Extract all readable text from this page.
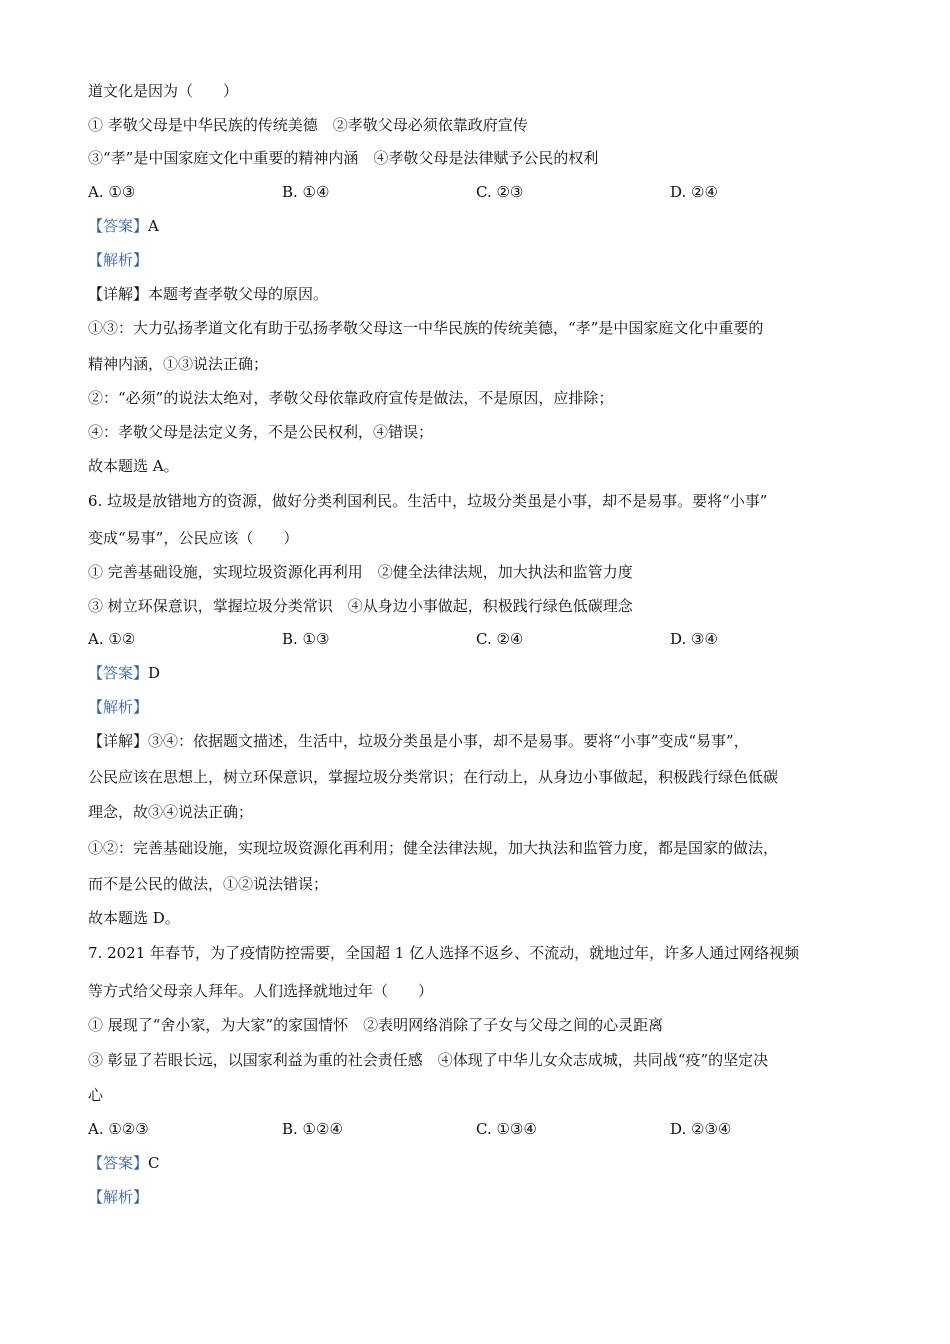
道文化是因为（　　）
① 孝敬父母是中华民族的传统美德　②孝敬父母必须依靠政府宣传
③“孝”是中国家庭文化中重要的精神内涵　④孝敬父母是法律赋予公民的权利
A. ①③	B. ①④	C. ②③	D. ②④
【答案】A
【解析】
【详解】本题考查孝敬父母的原因。
①③：大力弘扬孝道文化有助于弘扬孝敬父母这一中华民族的传统美德，“孝”是中国家庭文化中重要的
精神内涵，①③说法正确；
②：“必须”的说法太绝对，孝敬父母依靠政府宣传是做法，不是原因，应排除；
④：孝敬父母是法定义务，不是公民权利，④错误；
故本题选 A。
6. 垃圾是放错地方的资源，做好分类利国利民。生活中，垃圾分类虽是小事，却不是易事。要将“小事”
变成“易事”，公民应该（　　）
① 完善基础设施，实现垃圾资源化再利用　②健全法律法规，加大执法和监管力度
③ 树立环保意识，掌握垃圾分类常识　④从身边小事做起，积极践行绿色低碳理念
A. ①②	B. ①③	C. ②④	D. ③④
【答案】D
【解析】
【详解】③④：依据题文描述，生活中，垃圾分类虽是小事，却不是易事。要将“小事”变成“易事”，
公民应该在思想上，树立环保意识，掌握垃圾分类常识；在行动上，从身边小事做起，积极践行绿色低碳
理念，故③④说法正确；
①②：完善基础设施，实现垃圾资源化再利用；健全法律法规，加大执法和监管力度，都是国家的做法，
而不是公民的做法，①②说法错误；
故本题选 D。
7. 2021 年春节，为了疫情防控需要，全国超 1 亿人选择不返乡、不流动，就地过年，许多人通过网络视频
等方式给父母亲人拜年。人们选择就地过年（　　）
① 展现了“舍小家，为大家”的家国情怀　②表明网络消除了子女与父母之间的心灵距离
③ 彰显了若眼长远，以国家利益为重的社会责任感　④体现了中华儿女众志成城，共同战“疫”的坚定决
心
A. ①②③	B. ①②④	C. ①③④	D. ②③④
【答案】C
【解析】
